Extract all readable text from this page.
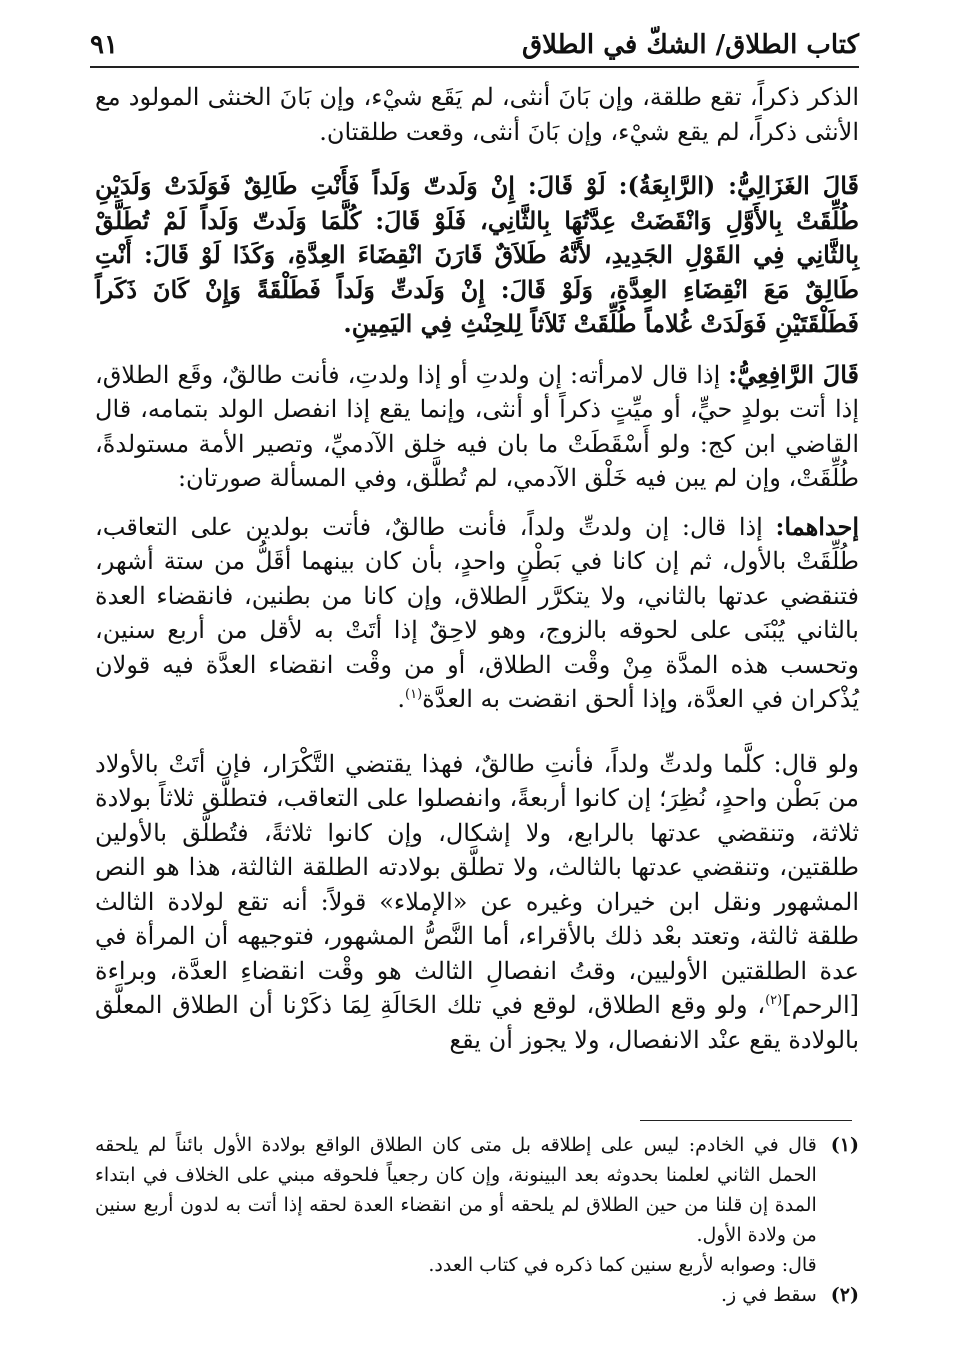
٩١	كتاب الطلاق/ الشكّ في الطلاق

الذكر ذكراً، تقع طلقة، وإن بَانَ أنثى، لم يَقَع شيْء، وإن بَانَ الخنثى المولود مع الأنثى ذكراً، لم يقع شيْء، وإن بَانَ أنثى، وقعت طلقتان.

قَالَ الغَزَالِيُّ: (الرَّابِعَةُ): لَوْ قَالَ: إِنْ وَلَدتّ وَلَداً فَأَنْتِ طَالِقٌ فَوَلَدَتْ وَلَدَيْنِ طُلِّقَتْ بِالأَوَّلِ وَانْقَضَتْ عِدَّتُهَا بِالثَّانِي، فَلَوْ قَالَ: كُلَّمَا وَلَدتّ وَلَداً لَمْ تُطَلَّقْ بِالثَّانِي فِي القَوْلِ الجَدِيدِ، لأَنَّهُ طَلاَقٌ قَارَنَ انْقِضَاءَ العِدَّةِ، وَكَذَا لَوْ قَالَ: أَنْتِ طَالِقٌ مَعَ انْقِضَاءِ العِدَّةِ، وَلَوْ قَالَ: إِنْ وَلَدتِّ وَلَداً فَطَلْقَةً وَإِنْ كَانَ ذَكَراً فَطَلْقَتَيْنِ فَوَلَدَتْ غُلاماً طُلِّقَتْ ثَلاَثاً لِلحِنْثِ فِي اليَمِينِ.

قَالَ الرَّافِعِيُّ: إذا قال لامرأته: إن ولدتِ أو إذا ولدتِ، فأنت طالقٌ، وقَع الطلاق، إذا أتت بولدٍ حيٍّ، أو ميِّتٍ ذكراً أو أنثى، وإنما يقع إذا انفصل الولد بتمامه، قال القاضي ابن كج: ولو أَسْقَطَتْ ما بان فيه خلق الآدميِّ، وتصير الأمة مستولدةً، طُلِّقَتْ، وإن لم يبن فيه خَلْق الآدمي، لم تُطلَّق، وفي المسألة صورتان:

إحداهما: إذا قال: إن ولدتِّ ولداً، فأنت طالقٌ، فأتت بولدين على التعاقب، طُلِّقَتْ بالأول، ثم إن كانا في بَطْنٍ واحدٍ، بأن كان بينهما أقَلُّ من ستة أشهر، فتنقضي عدتها بالثاني، ولا يتكرَّر الطلاق، وإن كانا من بطنين، فانقضاء العدة بالثاني يُبْنَى على لحوقه بالزوج، وهو لاحِقٌ إذا أتَتْ به لأقل من أربع سنين، وتحسب هذه المدَّة مِنْ وقْت الطلاق، أو من وقْت انقضاء العدَّة فيه قولان يُذْكران في العدَّة، وإذا ألحق انقضت به العدَّة$^{(١)}$.

ولو قال: كلَّما ولدتِّ ولداً، فأنتِ طالقٌ، فهذا يقتضي التَّكْرَار، فإن أتَتْ بالأولاد من بَطْن واحدٍ، نُظِرَ؛ إن كانوا أربعةً، وانفصلوا على التعاقب، فتطلَّق ثلاثاً بولادة ثلاثة، وتنقضي عدتها بالرابع، ولا إشكال، وإن كانوا ثلاثةً، فتُطلَّق بالأولين طلقتين، وتنقضي عدتها بالثالث، ولا تطلَّق بولادته الطلقة الثالثة، هذا هو النص المشهور ونقل ابن خيران وغيره عن «الإملاء» قولاً: أنه تقع لولادة الثالث طلقة ثالثة، وتعتد بعْد ذلك بالأقراء، أما النَّصُّ المشهور، فتوجيهه أن المرأة في عدة الطلقتين الأوليين، وقتُ انفصالِ الثالث هو وقْت انقضاءِ العدَّة، وبراءة [الرحم]$^{(٢)}$، ولو وقع الطلاق، لوقع في تلك الحَالَةِ لِمَا ذكَرْنا أن الطلاق المعلَّق بالولادة يقع عنْد الانفصال، ولا يجوز أن يقع

(١)
قال في الخادم: ليس على إطلاقه بل متى كان الطلاق الواقع بولادة الأول بائناً لم يلحقه الحمل الثاني لعلمنا بحدوثه بعد البينونة، وإن كان رجعياً فلحوقه مبني على الخلاف في ابتداء المدة إن قلنا من حين الطلاق لم يلحقه أو من انقضاء العدة لحقه إذا أتت به لدون أربع سنين من ولادة الأول.
قال: وصوابه لأربع سنين كما ذكره في كتاب العدد.
(٢)
سقط في ز.
